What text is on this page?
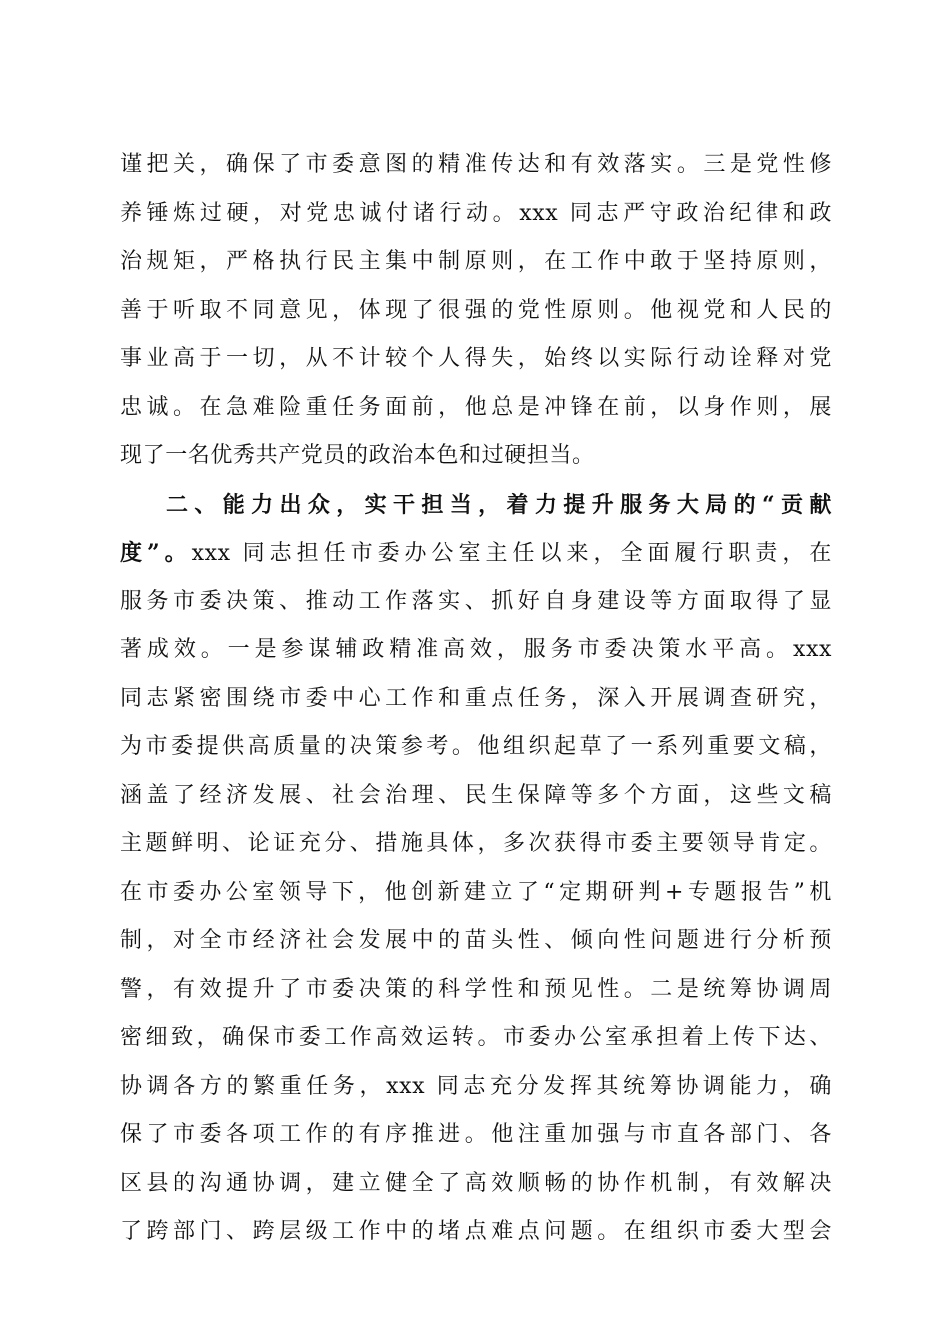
谨把关，确保了市委意图的精准传达和有效落实。三是党性修
养锤炼过硬，对党忠诚付诸行动。xxx 同志严守政治纪律和政
治规矩，严格执行民主集中制原则，在工作中敢于坚持原则，
善于听取不同意见，体现了很强的党性原则。他视党和人民的
事业高于一切，从不计较个人得失，始终以实际行动诠释对党
忠诚。在急难险重任务面前，他总是冲锋在前，以身作则，展
现了一名优秀共产党员的政治本色和过硬担当。
二、能力出众，实干担当，着力提升服务大局的“贡献
度”。xxx 同志担任市委办公室主任以来，全面履行职责，在
服务市委决策、推动工作落实、抓好自身建设等方面取得了显
著成效。一是参谋辅政精准高效，服务市委决策水平高。xxx
同志紧密围绕市委中心工作和重点任务，深入开展调查研究，
为市委提供高质量的决策参考。他组织起草了一系列重要文稿，
涵盖了经济发展、社会治理、民生保障等多个方面，这些文稿
主题鲜明、论证充分、措施具体，多次获得市委主要领导肯定。
在市委办公室领导下，他创新建立了“定期研判+专题报告”机
制，对全市经济社会发展中的苗头性、倾向性问题进行分析预
警，有效提升了市委决策的科学性和预见性。二是统筹协调周
密细致，确保市委工作高效运转。市委办公室承担着上传下达、
协调各方的繁重任务，xxx 同志充分发挥其统筹协调能力，确
保了市委各项工作的有序推进。他注重加强与市直各部门、各
区县的沟通协调，建立健全了高效顺畅的协作机制，有效解决
了跨部门、跨层级工作中的堵点难点问题。在组织市委大型会
